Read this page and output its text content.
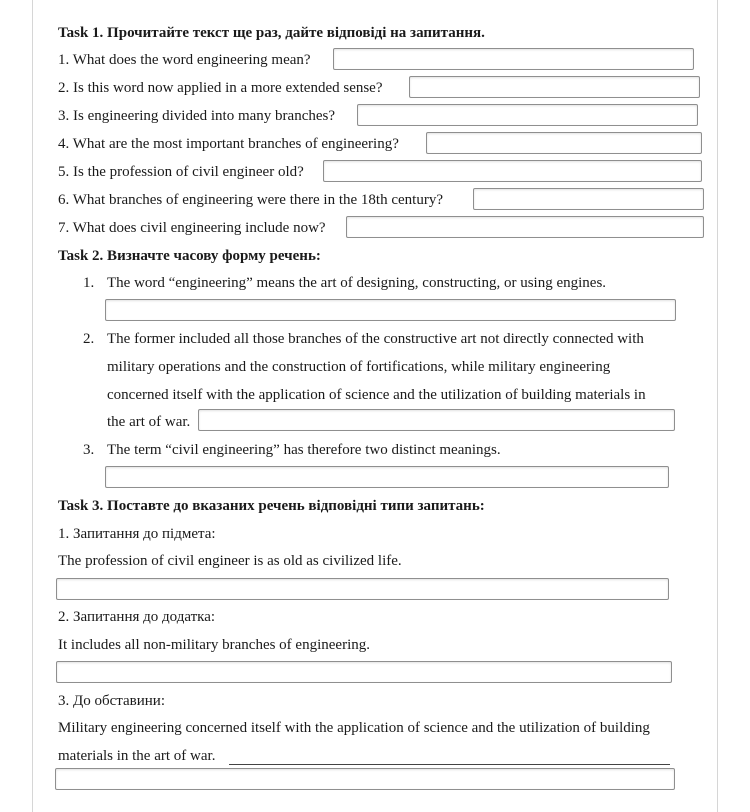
Task 1. Прочитайте текст ще раз, дайте відповіді на запитання.
1. What does the word engineering mean?
2. Is this word now applied in a more extended sense?
3. Is engineering divided into many branches?
4. What are the most important branches of engineering?
5. Is the profession of civil engineer old?
6. What branches of engineering were there in the 18th century?
7. What does civil engineering include now?
Task 2. Визначте часову форму речень:
1. The word “engineering” means the art of designing, constructing, or using engines.
2. The former included all those branches of the constructive art not directly connected with
military operations and the construction of fortifications, while military engineering
concerned itself with the application of science and the utilization of building materials in
the art of war.
3. The term “civil engineering” has therefore two distinct meanings.
Task 3. Поставте до вказаних речень відповідні типи запитань:
1. Запитання до підмета:
The profession of civil engineer is as old as civilized life.
2. Запитання до додатка:
It includes all non-military branches of engineering.
3. До обставини:
Military engineering concerned itself with the application of science and the utilization of building
materials in the art of war.
